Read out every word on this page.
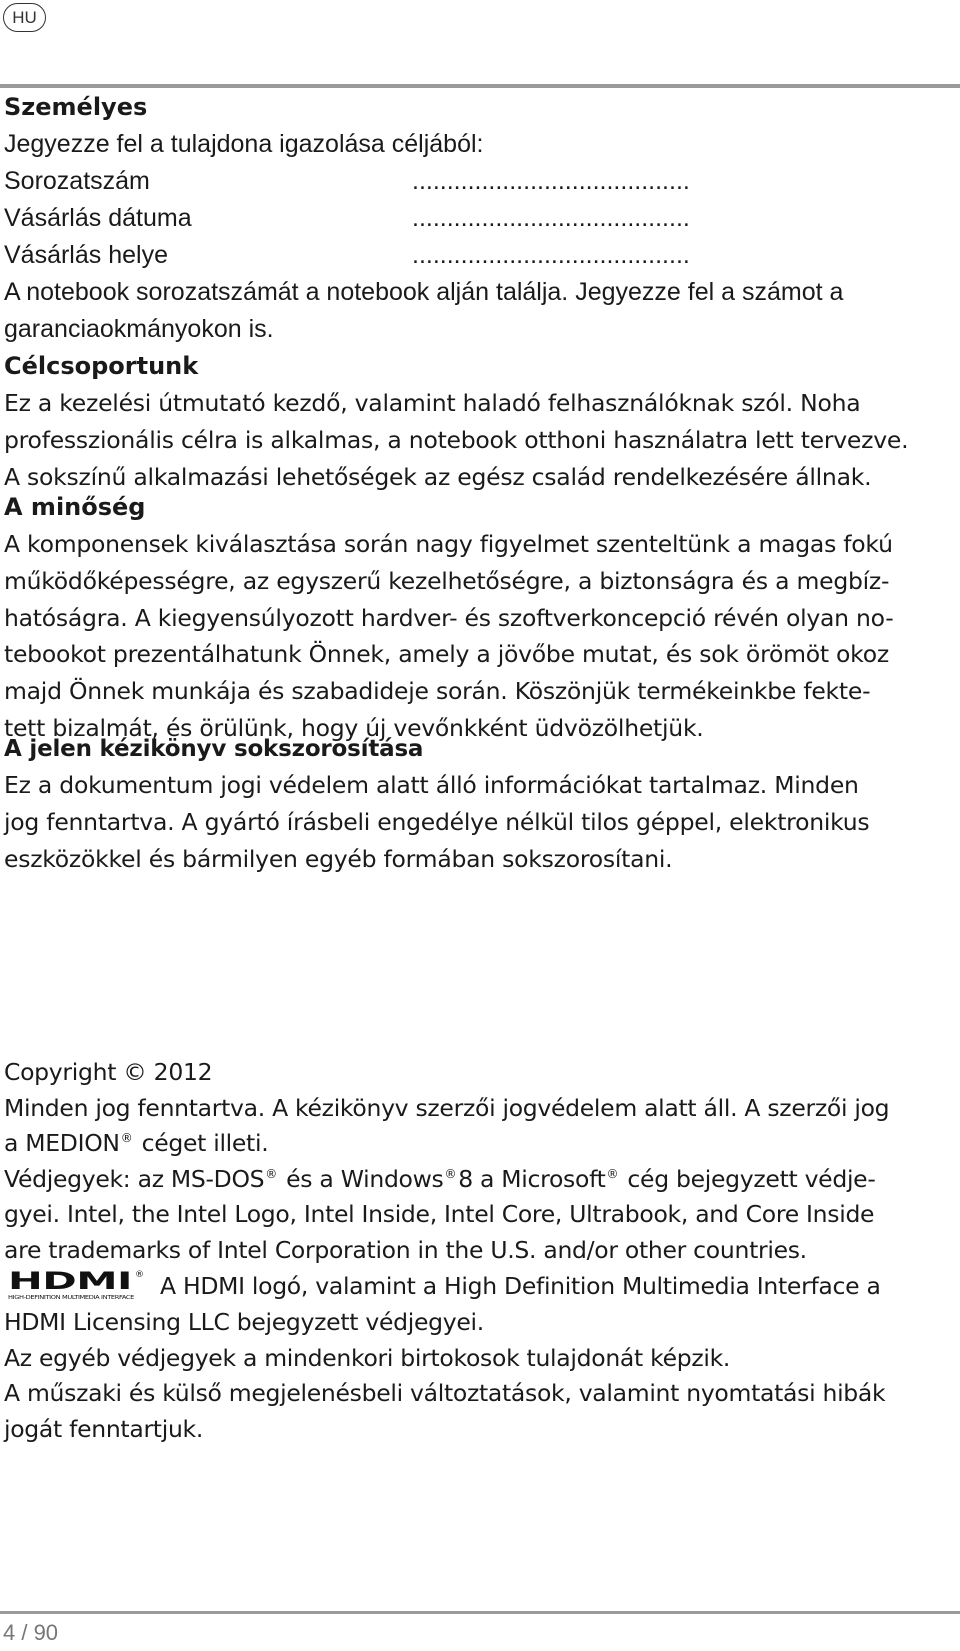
HU
Személyes
Jegyezze fel a tulajdona igazolása céljából:
Sorozatszám	........................................
Vásárlás dátuma	........................................
Vásárlás helye	........................................
A notebook sorozatszámát a notebook alján találja. Jegyezze fel a számot a
garanciaokmányokon is.
Célcsoportunk
Ez a kezelési útmutató kezdő, valamint haladó felhasználóknak szól. Noha
professzionális célra is alkalmas, a notebook otthoni használatra lett tervezve.
A sokszínű alkalmazási lehetőségek az egész család rendelkezésére állnak.
A minőség
A komponensek kiválasztása során nagy figyelmet szenteltünk a magas fokú
működőképességre, az egyszerű kezelhetőségre, a biztonságra és a megbíz-
hatóságra. A kiegyensúlyozott hardver- és szoftverkoncepció révén olyan no-
tebookot prezentálhatunk Önnek, amely a jövőbe mutat, és sok örömöt okoz
majd Önnek munkája és szabadideje során. Köszönjük termékeinkbe fekte-
tett bizalmát, és örülünk, hogy új vevőnkként üdvözölhetjük.
A jelen kézikönyv sokszorosítása
Ez a dokumentum jogi védelem alatt álló információkat tartalmaz. Minden
jog fenntartva. A gyártó írásbeli engedélye nélkül tilos géppel, elektronikus
eszközökkel és bármilyen egyéb formában sokszorosítani.
Copyright © 2012
Minden jog fenntartva. A kézikönyv szerzői jogvédelem alatt áll. A szerzői jog
a MEDION® céget illeti.
Védjegyek: az MS-DOS® és a Windows®8 a Microsoft® cég bejegyzett védje-
gyei. Intel, the Intel Logo, Intel Inside, Intel Core, Ultrabook, and Core Inside
are trademarks of Intel Corporation in the U.S. and/or other countries.
HDMI ®
HIGH-DEFINITION MULTIMEDIA INTERFACE A HDMI logó, valamint a High Definition Multimedia Interface a
HDMI Licensing LLC bejegyzett védjegyei.
Az egyéb védjegyek a mindenkori birtokosok tulajdonát képzik.
A műszaki és külső megjelenésbeli változtatások, valamint nyomtatási hibák
jogát fenntartjuk.
4 / 90
